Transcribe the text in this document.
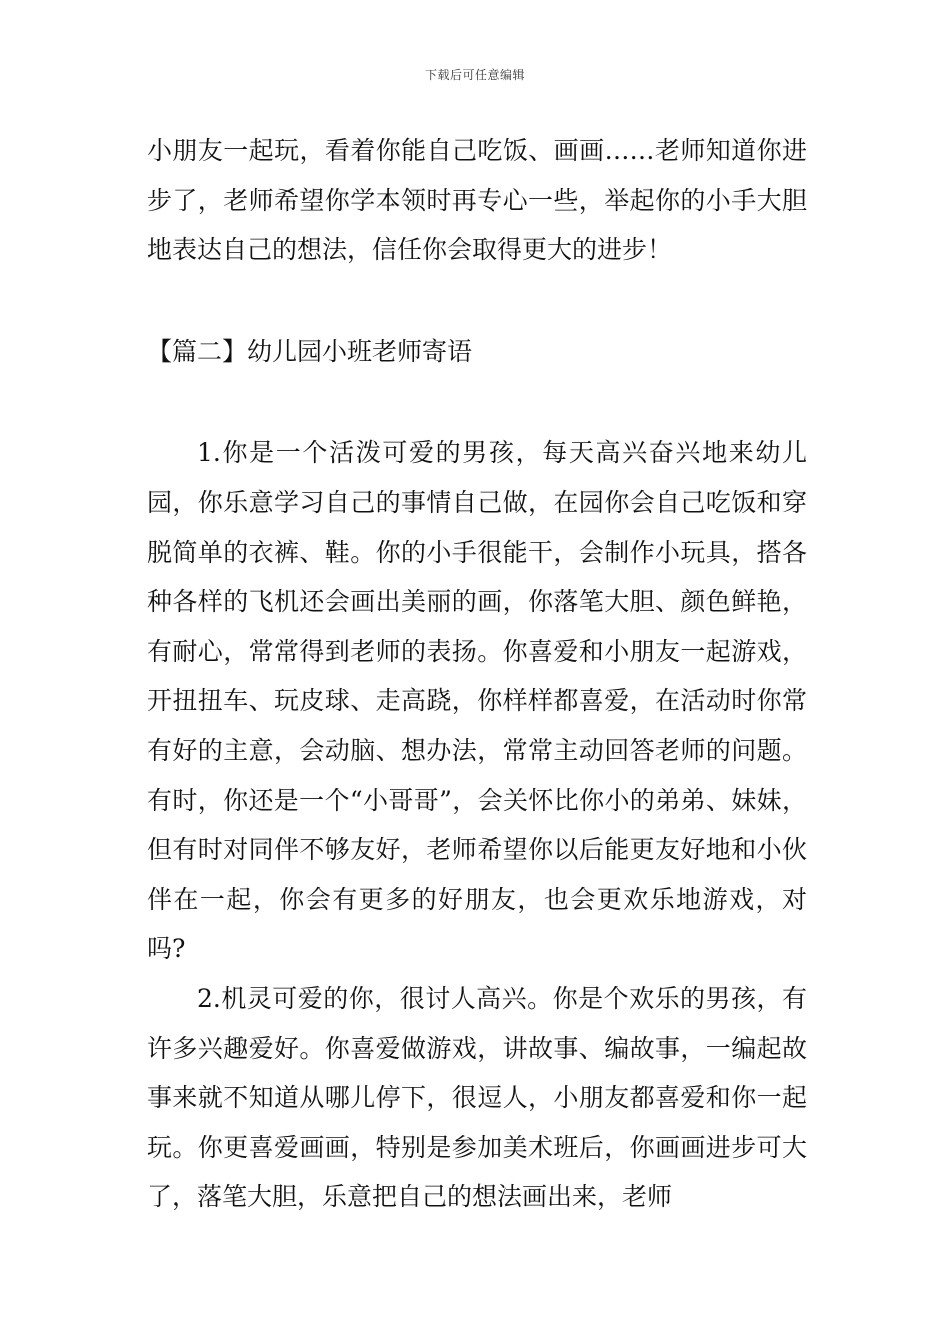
下载后可任意编辑

小朋友一起玩，看着你能自己吃饭、画画……老师知道你进步了，老师希望你学本领时再专心一些，举起你的小手大胆地表达自己的想法，信任你会取得更大的进步！

【篇二】幼儿园小班老师寄语

1.你是一个活泼可爱的男孩，每天高兴奋兴地来幼儿园，你乐意学习自己的事情自己做，在园你会自己吃饭和穿脱简单的衣裤、鞋。你的小手很能干，会制作小玩具，搭各种各样的飞机还会画出美丽的画，你落笔大胆、颜色鲜艳，有耐心，常常得到老师的表扬。你喜爱和小朋友一起游戏，开扭扭车、玩皮球、走高跷，你样样都喜爱，在活动时你常有好的主意，会动脑、想办法，常常主动回答老师的问题。有时，你还是一个“小哥哥”，会关怀比你小的弟弟、妹妹，但有时对同伴不够友好，老师希望你以后能更友好地和小伙伴在一起，你会有更多的好朋友，也会更欢乐地游戏，对吗?

2.机灵可爱的你，很讨人高兴。你是个欢乐的男孩，有许多兴趣爱好。你喜爱做游戏，讲故事、编故事，一编起故事来就不知道从哪儿停下，很逗人，小朋友都喜爱和你一起玩。你更喜爱画画，特别是参加美术班后，你画画进步可大了，落笔大胆，乐意把自己的想法画出来，老师
